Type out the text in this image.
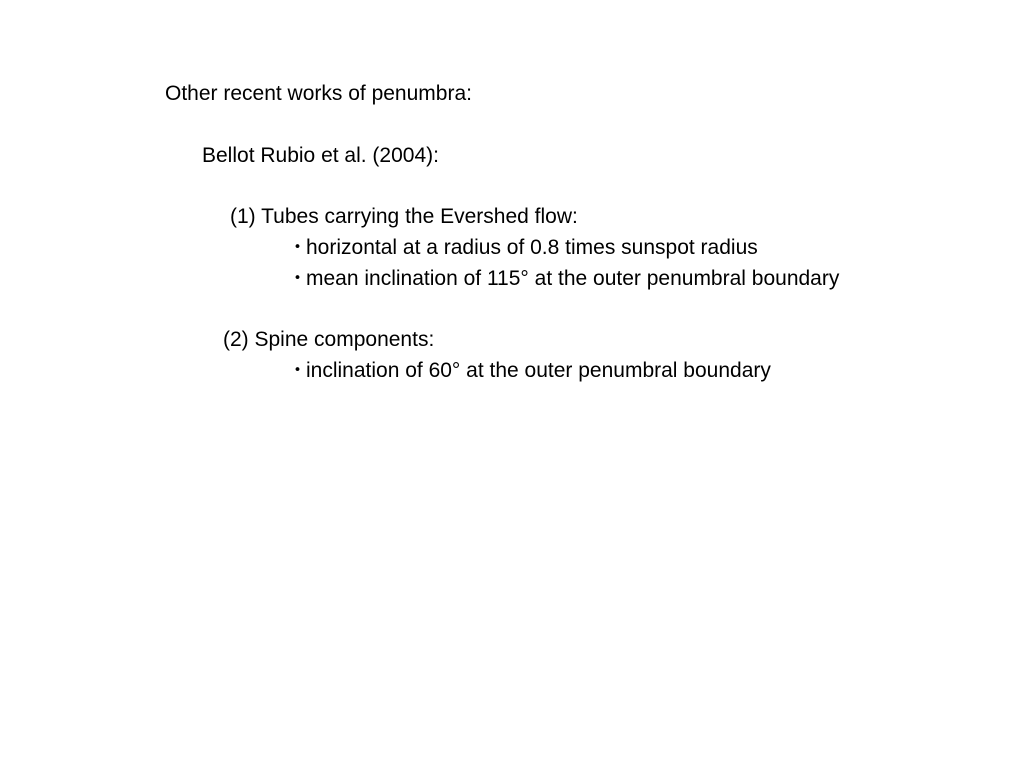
Other recent works of penumbra:
Bellot Rubio et al. (2004):
(1) Tubes carrying the Evershed flow:
・horizontal at a radius of 0.8 times sunspot radius
・mean inclination of 115° at the outer penumbral boundary
(2) Spine components:
・inclination of 60° at the outer penumbral boundary
